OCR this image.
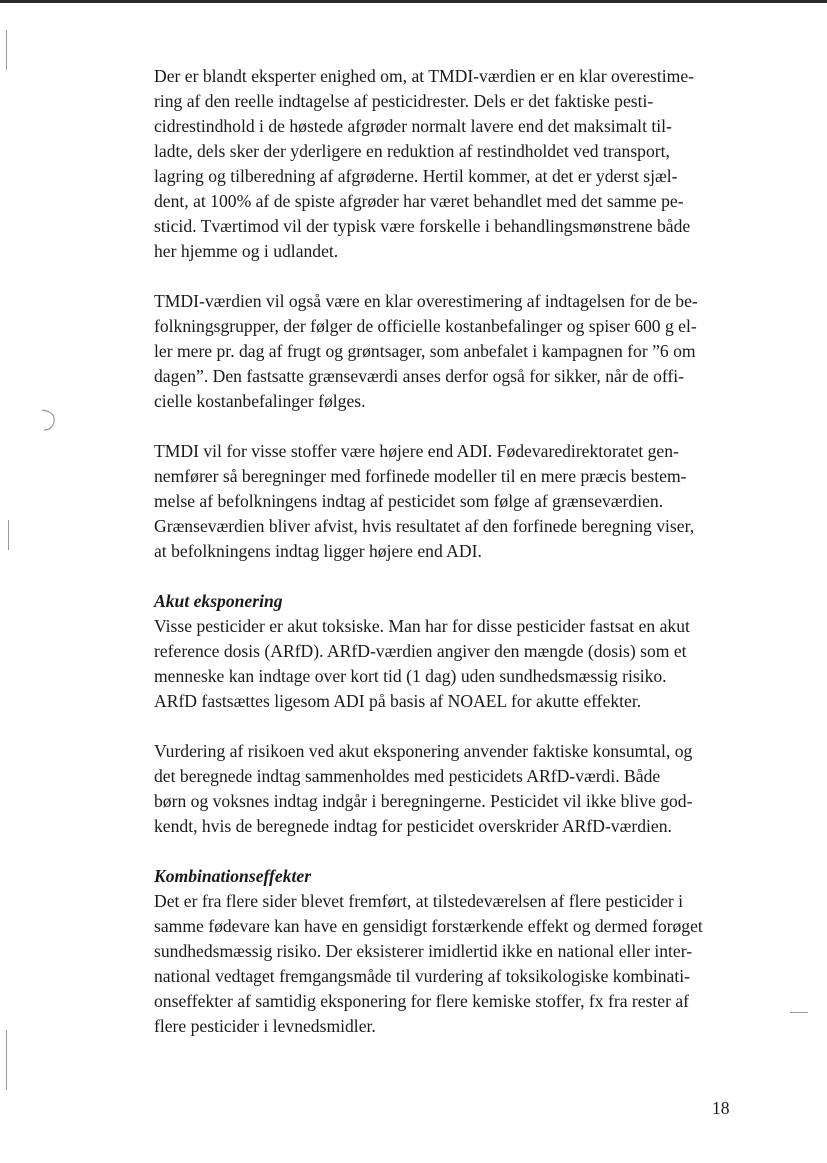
Der er blandt eksperter enighed om, at TMDI-værdien er en klar overestime-
ring af den reelle indtagelse af pesticidrester. Dels er det faktiske pesti-
cidrestindhold i de høstede afgrøder normalt lavere end det maksimalt til-
ladte, dels sker der yderligere en reduktion af restindholdet ved transport,
lagring og tilberedning af afgrøderne. Hertil kommer, at det er yderst sjæl-
dent, at 100% af de spiste afgrøder har været behandlet med det samme pe-
sticid. Tværtimod vil der typisk være forskelle i behandlingsmønstrene både
her hjemme og i udlandet.

TMDI-værdien vil også være en klar overestimering af indtagelsen for de be-
folkningsgrupper, der følger de officielle kostanbefalinger og spiser 600 g el-
ler mere pr. dag af frugt og grøntsager, som anbefalet i kampagnen for ”6 om
dagen”. Den fastsatte grænseværdi anses derfor også for sikker, når de offi-
cielle kostanbefalinger følges.

TMDI vil for visse stoffer være højere end ADI. Fødevaredirektoratet gen-
nemfører så beregninger med forfinede modeller til en mere præcis bestem-
melse af befolkningens indtag af pesticidet som følge af grænseværdien.
Grænseværdien bliver afvist, hvis resultatet af den forfinede beregning viser,
at befolkningens indtag ligger højere end ADI.

Akut eksponering

Visse pesticider er akut toksiske. Man har for disse pesticider fastsat en akut
reference dosis (ARfD). ARfD-værdien angiver den mængde (dosis) som et
menneske kan indtage over kort tid (1 dag) uden sundhedsmæssig risiko.
ARfD fastsættes ligesom ADI på basis af NOAEL for akutte effekter.

Vurdering af risikoen ved akut eksponering anvender faktiske konsumtal, og
det beregnede indtag sammenholdes med pesticidets ARfD-værdi. Både
børn og voksnes indtag indgår i beregningerne. Pesticidet vil ikke blive god-
kendt, hvis de beregnede indtag for pesticidet overskrider ARfD-værdien.

Kombinationseffekter

Det er fra flere sider blevet fremført, at tilstedeværelsen af flere pesticider i
samme fødevare kan have en gensidigt forstærkende effekt og dermed forøget
sundhedsmæssig risiko. Der eksisterer imidlertid ikke en national eller inter-
national vedtaget fremgangsmåde til vurdering af toksikologiske kombinati-
onseffekter af samtidig eksponering for flere kemiske stoffer, fx fra rester af
flere pesticider i levnedsmidler.

18
